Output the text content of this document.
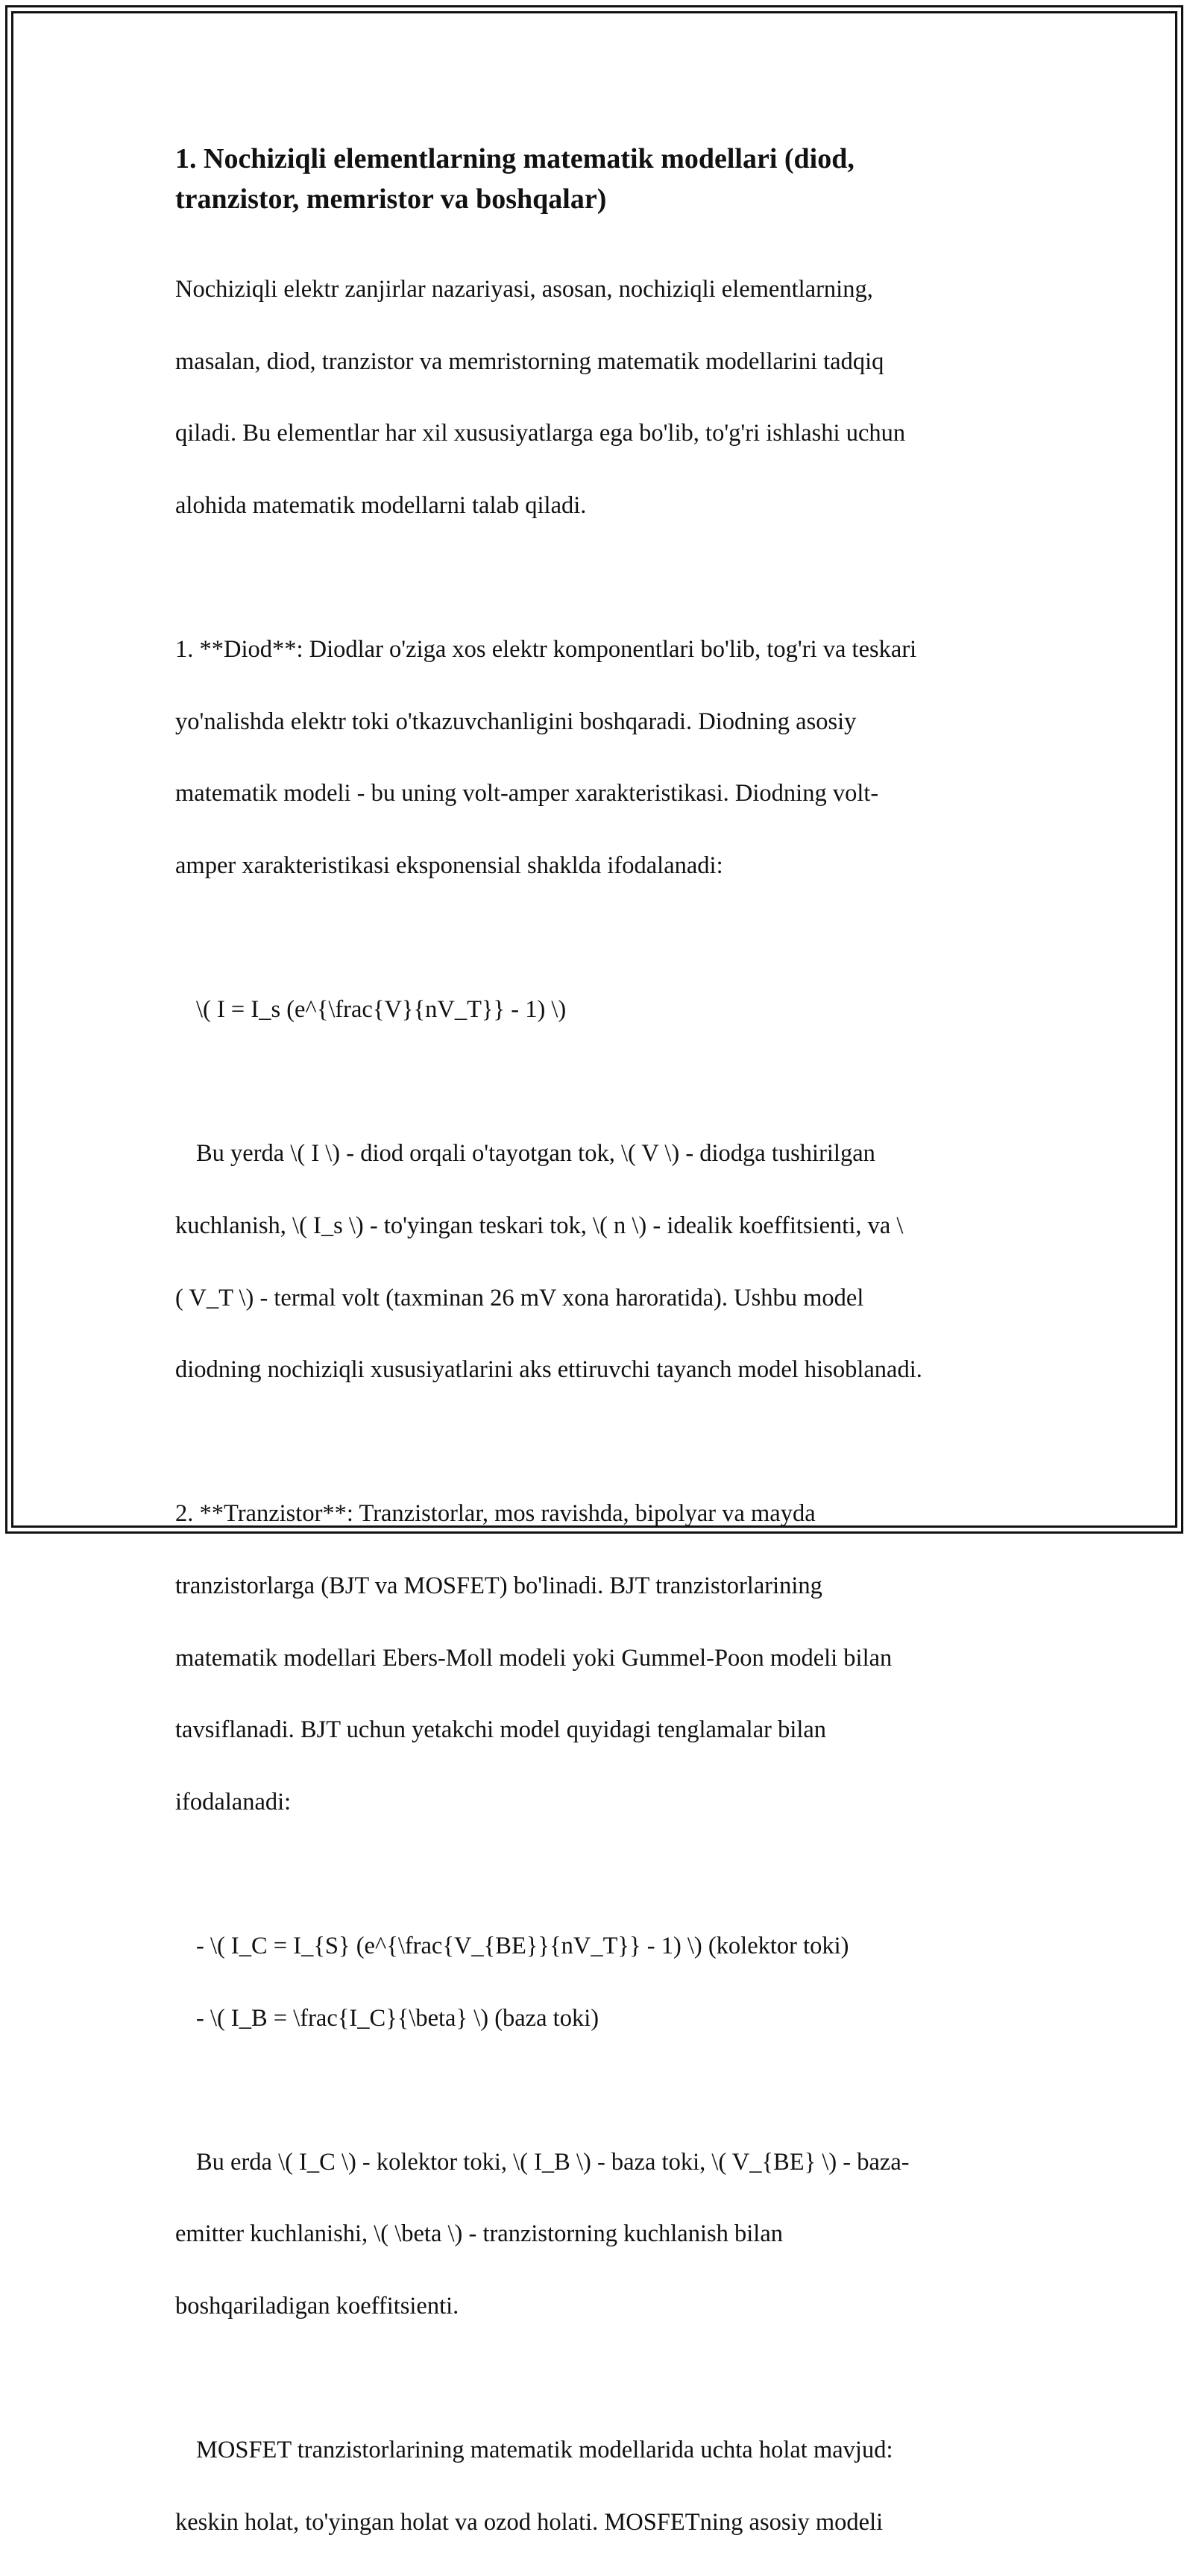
1. Nochiziqli elementlarning matematik modellari (diod,
tranzistor, memristor va boshqalar)

Nochiziqli elektr zanjirlar nazariyasi, asosan, nochiziqli elementlarning,

masalan, diod, tranzistor va memristorning matematik modellarini tadqiq

qiladi. Bu elementlar har xil xususiyatlarga ega bo'lib, to'g'ri ishlashi uchun

alohida matematik modellarni talab qiladi.

1. **Diod**: Diodlar o'ziga xos elektr komponentlari bo'lib, tog'ri va teskari

yo'nalishda elektr toki o'tkazuvchanligini boshqaradi. Diodning asosiy

matematik modeli - bu uning volt-amper xarakteristikasi. Diodning volt-

amper xarakteristikasi eksponensial shaklda ifodalanadi:

\( I = I_s (e^{\frac{V}{nV_T}} - 1) \)

Bu yerda \( I \) - diod orqali o'tayotgan tok, \( V \) - diodga tushirilgan

kuchlanish, \( I_s \) - to'yingan teskari tok, \( n \) - idealik koeffitsienti, va \

( V_T \) - termal volt (taxminan 26 mV xona haroratida). Ushbu model

diodning nochiziqli xususiyatlarini aks ettiruvchi tayanch model hisoblanadi.

2. **Tranzistor**: Tranzistorlar, mos ravishda, bipolyar va mayda

tranzistorlarga (BJT va MOSFET) bo'linadi. BJT tranzistorlarining

matematik modellari Ebers-Moll modeli yoki Gummel-Poon modeli bilan

tavsiflanadi. BJT uchun yetakchi model quyidagi tenglamalar bilan

ifodalanadi:

- \( I_C = I_{S} (e^{\frac{V_{BE}}{nV_T}} - 1) \) (kolektor toki)

- \( I_B = \frac{I_C}{\beta} \) (baza toki)

Bu erda \( I_C \) - kolektor toki, \( I_B \) - baza toki, \( V_{BE} \) - baza-

emitter kuchlanishi, \( \beta \) - tranzistorning kuchlanish bilan

boshqariladigan koeffitsienti.

MOSFET tranzistorlarining matematik modellarida uchta holat mavjud:

keskin holat, to'yingan holat va ozod holati. MOSFETning asosiy modeli
